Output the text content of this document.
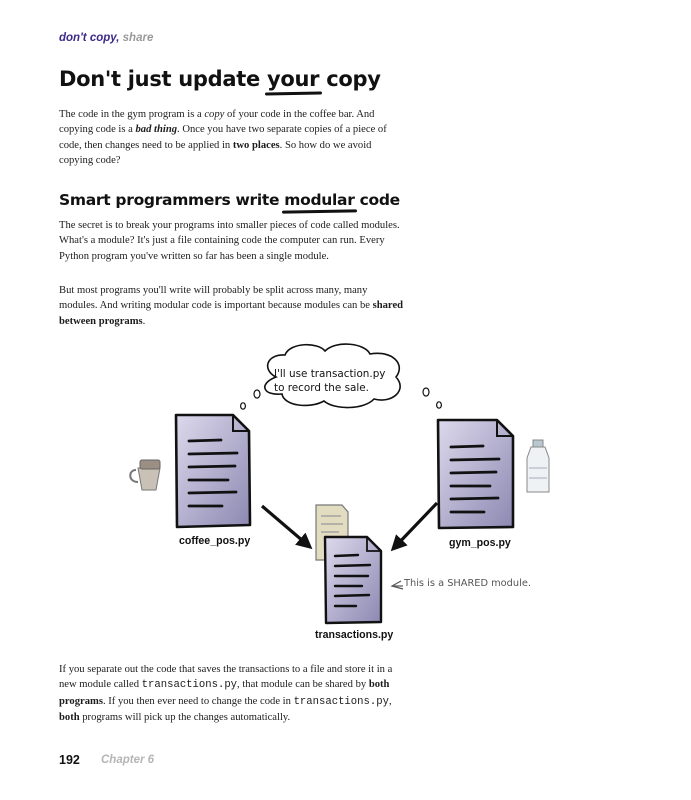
don't copy, share
Don't just update your copy

The code in the gym program is a copy of your code in the coffee bar. And copying code is a bad thing. Once you have two separate copies of a piece of code, then changes need to be applied in two places. So how do we avoid copying code?

Smart programmers write modular code

The secret is to break your programs into smaller pieces of code called modules. What's a module? It's just a file containing code the computer can run. Every Python program you've written so far has been a single module.

But most programs you'll write will probably be split across many, many modules. And writing modular code is important because modules can be shared between programs.

I'll use transaction.py
to record the sale.
coffee_pos.py	gym_pos.py
transactions.py
This is a SHARED module.

If you separate out the code that saves the transactions to a file and store it in a new module called transactions.py, that module can be shared by both programs. If you then ever need to change the code in transactions.py, both programs will pick up the changes automatically.

192 Chapter 6
